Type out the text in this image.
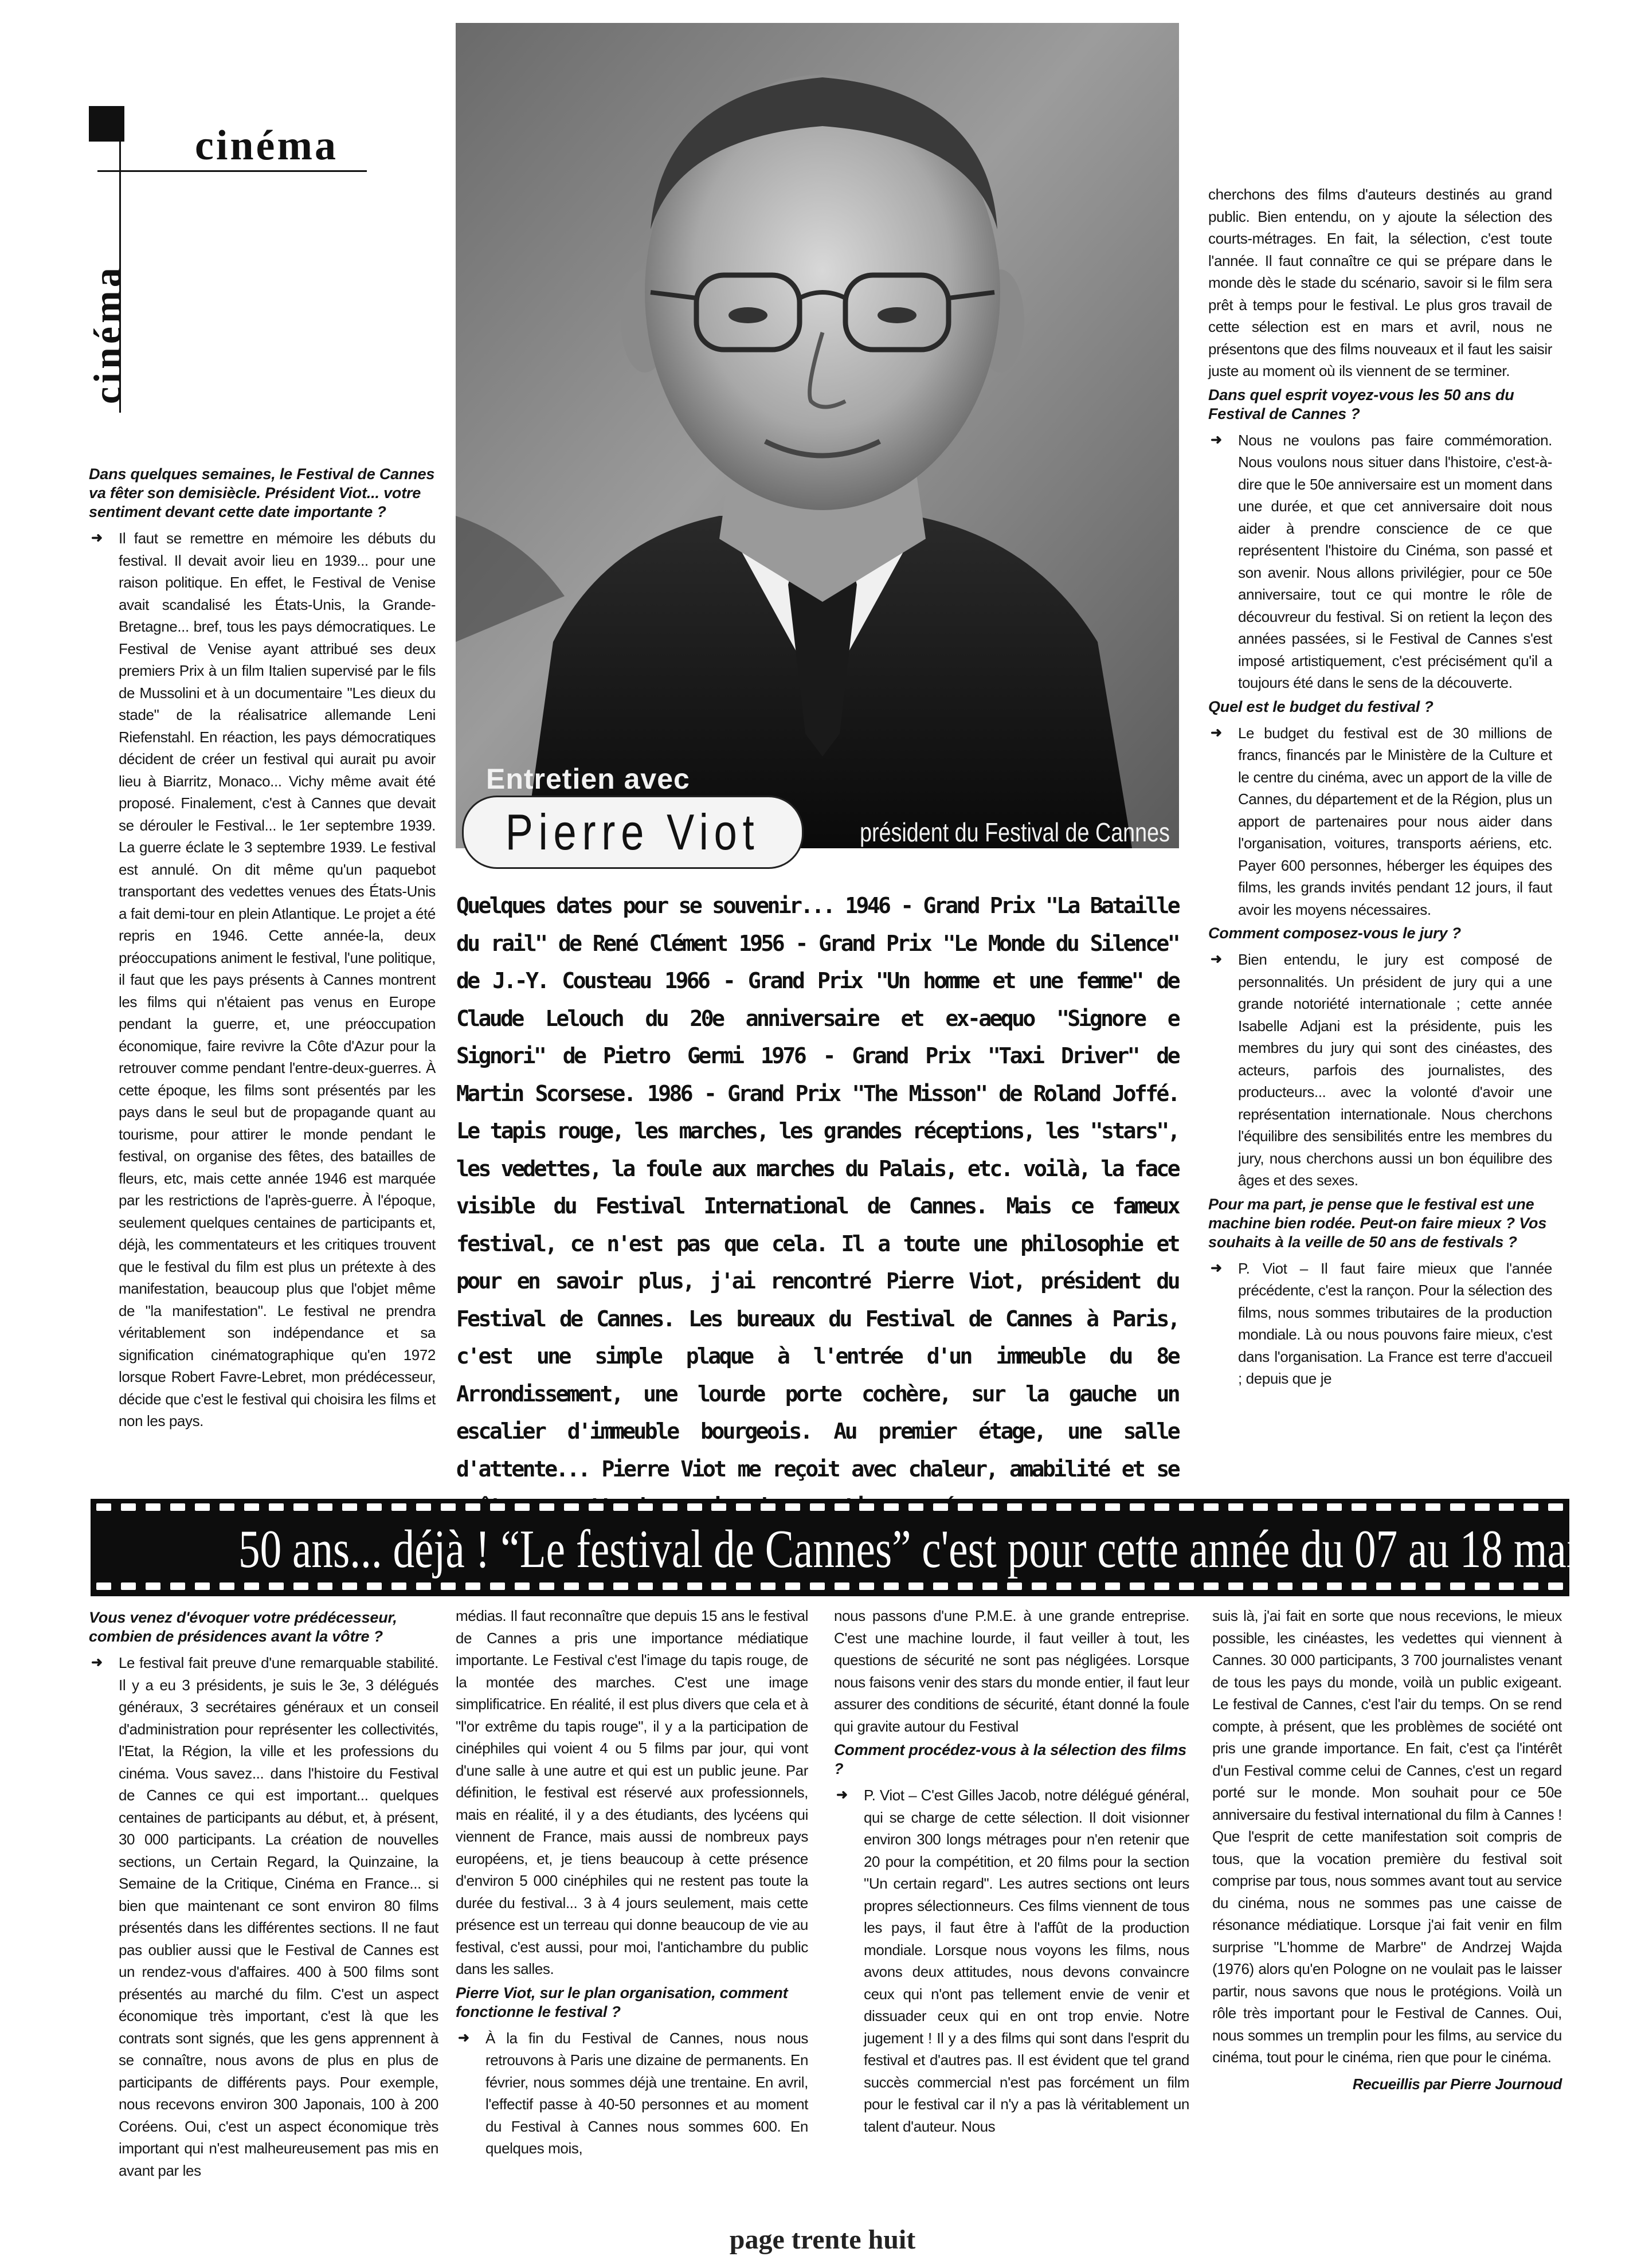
cinéma
cinéma
Entretien avec
Pierre Viot	président du Festival de Cannes
Quelques dates pour se souvenir... 1946 - Grand Prix "La Bataille du rail" de René Clément 1956 - Grand Prix "Le Monde du Silence" de J.-Y. Cousteau 1966 - Grand Prix "Un homme et une femme" de Claude Lelouch du 20e anniversaire et ex-aequo "Signore e Signori" de Pietro Germi 1976 - Grand Prix "Taxi Driver" de Martin Scorsese. 1986 - Grand Prix "The Misson" de Roland Joffé. Le tapis rouge, les marches, les grandes réceptions, les "stars", les vedettes, la foule aux marches du Palais, etc. voilà, la face visible du Festival International de Cannes. Mais ce fameux festival, ce n'est pas que cela. Il a toute une philosophie et pour en savoir plus, j'ai rencontré Pierre Viot, président du Festival de Cannes. Les bureaux du Festival de Cannes à Paris, c'est une simple plaque à l'entrée d'un immeuble du 8e Arrondissement, une lourde porte cochère, sur la gauche un escalier d'immeuble bourgeois. Au premier étage, une salle d'attente... Pierre Viot me reçoit avec chaleur, amabilité et se

Dans quelques semaines, le Festival de Cannes va fêter son demisiècle. Président Viot... votre sentiment devant cette date importante ?

➜ Il faut se remettre en mémoire les débuts du festival. Il devait avoir lieu en 1939... pour une raison politique. En effet, le Festival de Venise avait scandalisé les États-Unis, la Grande-Bretagne... bref, tous les pays démocratiques. Le Festival de Venise ayant attribué ses deux premiers Prix à un film Italien supervisé par le fils de Mussolini et à un documentaire "Les dieux du stade" de la réalisatrice allemande Leni Riefenstahl. En réaction, les pays démocratiques décident de créer un festival qui aurait pu avoir lieu à Biarritz, Monaco... Vichy même avait été proposé. Finalement, c'est à Cannes que devait se dérouler le Festival... le 1er septembre 1939. La guerre éclate le 3 septembre 1939. Le festival est annulé. On dit même qu'un paquebot transportant des vedettes venues des États-Unis a fait demi-tour en plein Atlantique. Le projet a été repris en 1946. Cette année-la, deux préoccupations animent le festival, l'une politique, il faut que les pays présents à Cannes montrent les films qui n'étaient pas venus en Europe pendant la guerre, et, une préoccupation économique, faire revivre la Côte d'Azur pour la retrouver comme pendant l'entre-deux-guerres. À cette époque, les films sont présentés par les pays dans le seul but de propagande quant au tourisme, pour attirer le monde pendant le festival, on organise des fêtes, des batailles de fleurs, etc, mais cette année 1946 est marquée par les restrictions de l'après-guerre. À l'époque, seulement quelques centaines de participants et, déjà, les commentateurs et les critiques trouvent que le festival du film est plus un prétexte à des manifestation, beaucoup plus que l'objet même de "la manifestation". Le festival ne prendra véritablement son indépendance et sa signification cinématographique qu'en 1972 lorsque Robert Favre-Lebret, mon prédécesseur, décide que c'est le festival qui choisira les films et non les pays.

cherchons des films d'auteurs destinés au grand public. Bien entendu, on y ajoute la sélection des courts-métrages. En fait, la sélection, c'est toute l'année. Il faut connaître ce qui se prépare dans le monde dès le stade du scénario, savoir si le film sera prêt à temps pour le festival. Le plus gros travail de cette sélection est en mars et avril, nous ne présentons que des films nouveaux et il faut les saisir juste au moment où ils viennent de se terminer.

Dans quel esprit voyez-vous les 50 ans du Festival de Cannes ?

➜ Nous ne voulons pas faire commémoration. Nous voulons nous situer dans l'histoire, c'est-à-dire que le 50e anniversaire est un moment dans une durée, et que cet anniversaire doit nous aider à prendre conscience de ce que représentent l'histoire du Cinéma, son passé et son avenir. Nous allons privilégier, pour ce 50e anniversaire, tout ce qui montre le rôle de découvreur du festival. Si on retient la leçon des années passées, si le Festival de Cannes s'est imposé artistiquement, c'est précisément qu'il a toujours été dans le sens de la découverte.

Quel est le budget du festival ?

➜ Le budget du festival est de 30 millions de francs, financés par le Ministère de la Culture et le centre du cinéma, avec un apport de la ville de Cannes, du département et de la Région, plus un apport de partenaires pour nous aider dans l'organisation, voitures, transports aériens, etc. Payer 600 personnes, héberger les équipes des films, les grands invités pendant 12 jours, il faut avoir les moyens nécessaires.

Comment composez-vous le jury ?

➜ Bien entendu, le jury est composé de personnalités. Un président de jury qui a une grande notoriété internationale ; cette année Isabelle Adjani est la présidente, puis les membres du jury qui sont des cinéastes, des acteurs, parfois des journalistes, des producteurs... avec la volonté d'avoir une représentation internationale. Nous cherchons l'équilibre des sensibilités entre les membres du jury, nous cherchons aussi un bon équilibre des âges et des sexes.

Pour ma part, je pense que le festival est une machine bien rodée. Peut-on faire mieux ? Vos souhaits à la veille de 50 ans de festivals ?

➜ P. Viot – Il faut faire mieux que l'année précédente, c'est la rançon. Pour la sélection des films, nous sommes tributaires de la production mondiale. Là ou nous pouvons faire mieux, c'est dans l'organisation. La France est terre d'accueil ; depuis que je

50 ans... déjà ! “Le festival de Cannes” c'est pour cette année du 07 au 18 mai

Vous venez d'évoquer votre prédécesseur, combien de présidences avant la vôtre ?

➜ Le festival fait preuve d'une remarquable stabilité. Il y a eu 3 présidents, je suis le 3e, 3 délégués généraux, 3 secrétaires généraux et un conseil d'administration pour représenter les collectivités, l'Etat, la Région, la ville et les professions du cinéma. Vous savez... dans l'histoire du Festival de Cannes ce qui est important... quelques centaines de participants au début, et, à présent, 30 000 participants. La création de nouvelles sections, un Certain Regard, la Quinzaine, la Semaine de la Critique, Cinéma en France... si bien que maintenant ce sont environ 80 films présentés dans les différentes sections. Il ne faut pas oublier aussi que le Festival de Cannes est un rendez-vous d'affaires. 400 à 500 films sont présentés au marché du film. C'est un aspect économique très important, c'est là que les contrats sont signés, que les gens apprennent à se connaître, nous avons de plus en plus de participants de différents pays. Pour exemple, nous recevons environ 300 Japonais, 100 à 200 Coréens. Oui, c'est un aspect économique très important qui n'est malheureusement pas mis en avant par les

médias. Il faut reconnaître que depuis 15 ans le festival de Cannes a pris une importance médiatique importante. Le Festival c'est l'image du tapis rouge, de la montée des marches. C'est une image simplificatrice. En réalité, il est plus divers que cela et à "l'or extrême du tapis rouge", il y a la participation de cinéphiles qui voient 4 ou 5 films par jour, qui vont d'une salle à une autre et qui est un public jeune. Par définition, le festival est réservé aux professionnels, mais en réalité, il y a des étudiants, des lycéens qui viennent de France, mais aussi de nombreux pays européens, et, je tiens beaucoup à cette présence d'environ 5 000 cinéphiles qui ne restent pas toute la durée du festival... 3 à 4 jours seulement, mais cette présence est un terreau qui donne beaucoup de vie au festival, c'est aussi, pour moi, l'antichambre du public dans les salles.

Pierre Viot, sur le plan organisation, comment fonctionne le festival ?

➜ À la fin du Festival de Cannes, nous nous retrouvons à Paris une dizaine de permanents. En février, nous sommes déjà une trentaine. En avril, l'effectif passe à 40-50 personnes et au moment du Festival à Cannes nous sommes 600. En quelques mois,

nous passons d'une P.M.E. à une grande entreprise. C'est une machine lourde, il faut veiller à tout, les questions de sécurité ne sont pas négligées. Lorsque nous faisons venir des stars du monde entier, il faut leur assurer des conditions de sécurité, étant donné la foule qui gravite autour du Festival

Comment procédez-vous à la sélection des films ?

➜ P. Viot – C'est Gilles Jacob, notre délégué général, qui se charge de cette sélection. Il doit visionner environ 300 longs métrages pour n'en retenir que 20 pour la compétition, et 20 films pour la section "Un certain regard". Les autres sections ont leurs propres sélectionneurs. Ces films viennent de tous les pays, il faut être à l'affût de la production mondiale. Lorsque nous voyons les films, nous avons deux attitudes, nous devons convaincre ceux qui n'ont pas tellement envie de venir et dissuader ceux qui en ont trop envie. Notre jugement ! Il y a des films qui sont dans l'esprit du festival et d'autres pas. Il est évident que tel grand succès commercial n'est pas forcément un film pour le festival car il n'y a pas là véritablement un talent d'auteur. Nous

suis là, j'ai fait en sorte que nous recevions, le mieux possible, les cinéastes, les vedettes qui viennent à Cannes. 30 000 participants, 3 700 journalistes venant de tous les pays du monde, voilà un public exigeant. Le festival de Cannes, c'est l'air du temps. On se rend compte, à présent, que les problèmes de société ont pris une grande importance. En fait, c'est ça l'intérêt d'un Festival comme celui de Cannes, c'est un regard porté sur le monde. Mon souhait pour ce 50e anniversaire du festival international du film à Cannes ! Que l'esprit de cette manifestation soit compris de tous, que la vocation première du festival soit comprise par tous, nous sommes avant tout au service du cinéma, nous ne sommes pas une caisse de résonance médiatique. Lorsque j'ai fait venir en film surprise "L'homme de Marbre" de Andrzej Wajda (1976) alors qu'en Pologne on ne voulait pas le laisser partir, nous savons que nous le protégions. Voilà un rôle très important pour le Festival de Cannes. Oui, nous sommes un tremplin pour les films, au service du cinéma, tout pour le cinéma, rien que pour le cinéma.

Recueillis par Pierre Journoud

page trente huit
